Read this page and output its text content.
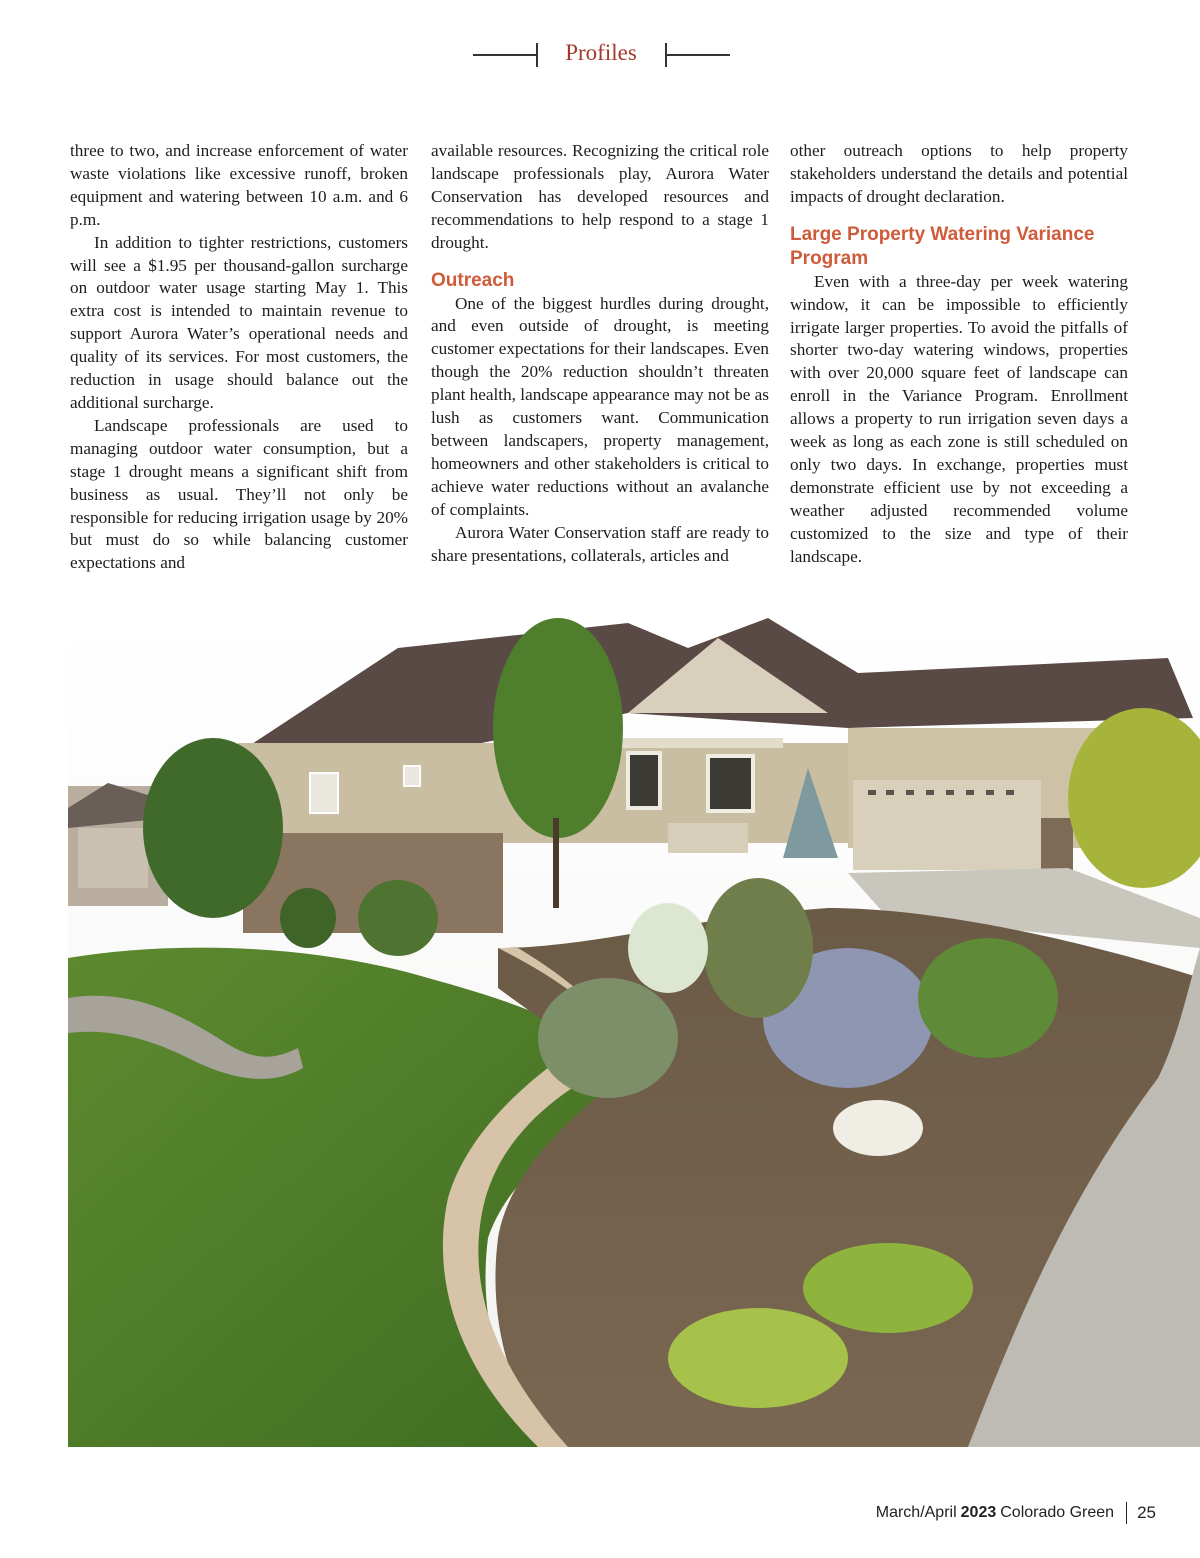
Profiles

three to two, and increase enforcement of water waste violations like excessive runoff, broken equipment and watering between 10 a.m. and 6 p.m.

In addition to tighter restrictions, customers will see a $1.95 per thousand-gallon surcharge on outdoor water usage starting May 1. This extra cost is intended to maintain revenue to support Aurora Water’s operational needs and quality of its services. For most customers, the reduction in usage should balance out the additional surcharge.

Landscape professionals are used to managing outdoor water consumption, but a stage 1 drought means a significant shift from business as usual. They’ll not only be responsible for reducing irrigation usage by 20% but must do so while balancing customer expectations and

available resources. Recognizing the critical role landscape professionals play, Aurora Water Conservation has developed resources and recommendations to help respond to a stage 1 drought.

Outreach

One of the biggest hurdles during drought, and even outside of drought, is meeting customer expectations for their landscapes. Even though the 20% reduction shouldn’t threaten plant health, landscape appearance may not be as lush as customers want. Communication between landscapers, property management, homeowners and other stakeholders is critical to achieve water reductions without an avalanche of complaints.

Aurora Water Conservation staff are ready to share presentations, collaterals, articles and

other outreach options to help property stakeholders understand the details and potential impacts of drought declaration.

Large Property Watering Variance Program

Even with a three-day per week watering window, it can be impossible to efficiently irrigate larger properties. To avoid the pitfalls of shorter two-day watering windows, properties with over 20,000 square feet of landscape can enroll in the Variance Program. Enrollment allows a property to run irrigation seven days a week as long as each zone is still scheduled on only two days. In exchange, properties must demonstrate efficient use by not exceeding a weather adjusted recommended volume customized to the size and type of their landscape.

March/April 2023 Colorado Green 25
